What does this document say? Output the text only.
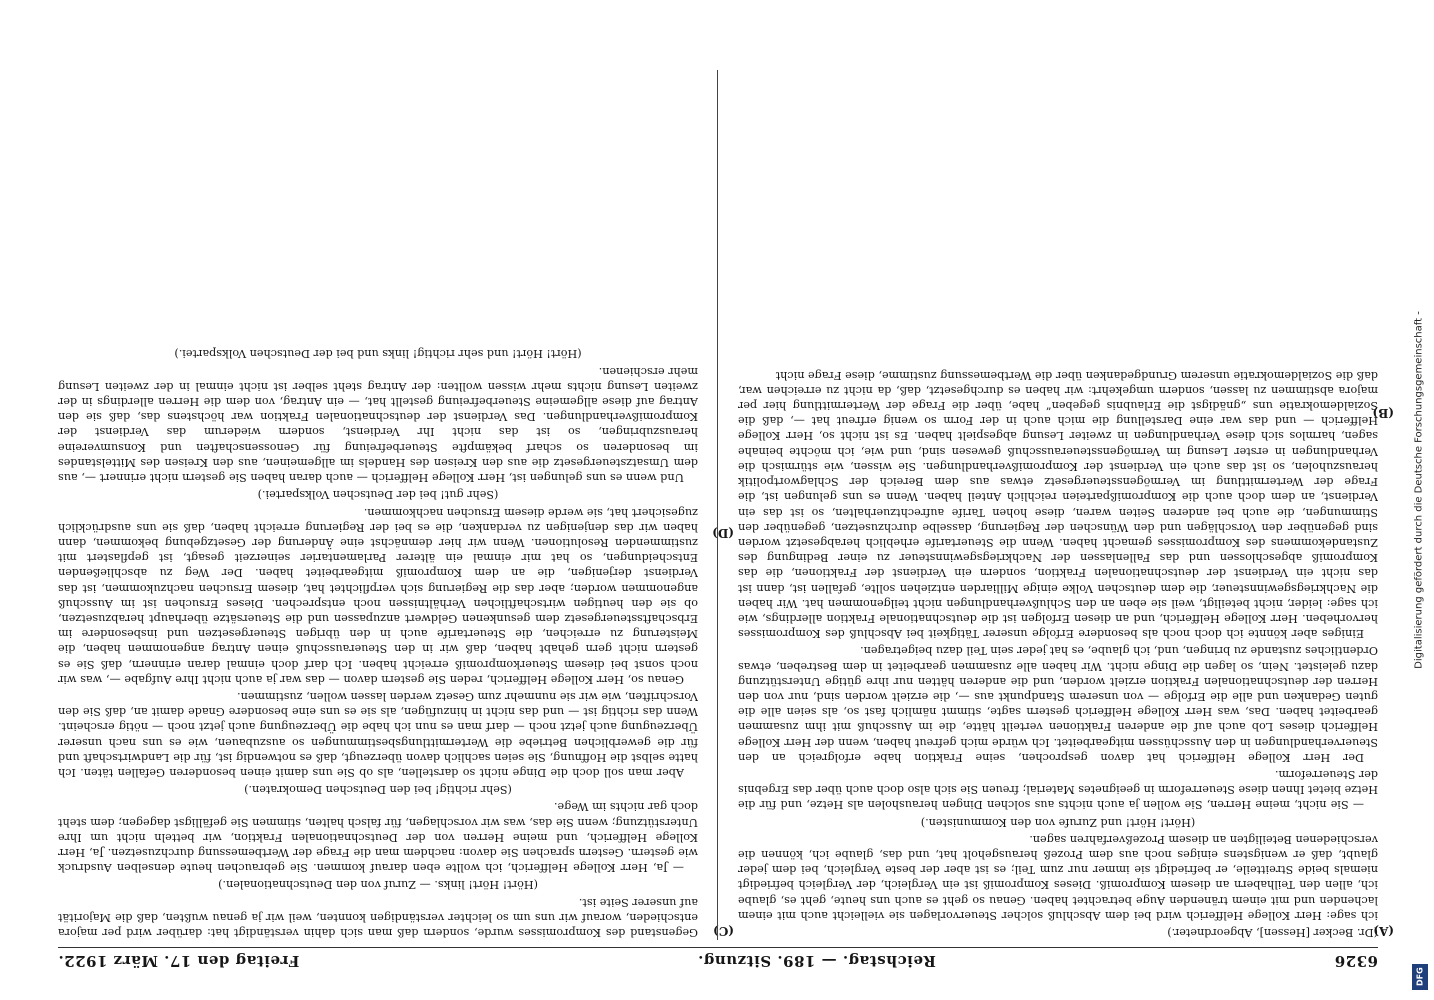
6326
Reichstag. — 189. Sitzung.
Freitag den 17. März 1922.
(A)
(B)
(C)
(D)

(Dr. Becker [Hessen], Abgeordneter.)

ich sage: Herr Kollege Helfferich wird bei dem Abschluß solcher Steuervorlagen sie vielleicht auch mit einem lachenden und mit einem tränenden Auge betrachtet haben. Genau so geht es auch uns heute, geht es, glaube ich, allen den Teilhabern an diesem Kompromiß. Dieses Kompromiß ist ein Vergleich, der Vergleich befriedigt niemals beide Streitteile, er befriedigt sie immer nur zum Teil; es ist aber der beste Vergleich, bei dem jeder glaubt, daß er wenigstens einiges noch aus dem Prozeß herausgeholt hat, und das, glaube ich, können die verschiedenen Beteiligten an diesem Prozeßverfahren sagen.

(Hört! Hört! und Zurufe von den Kommunisten.)

— Sie nicht, meine Herren, Sie wollen ja auch nichts aus solchen Dingen herausholen als Hetze, und für die Hetze bietet Ihnen diese Steuerreform in geeignetes Material; freuen Sie sich also doch auch über das Ergebnis der Steuerreform.

Der Herr Kollege Helfferich hat davon gesprochen, seine Fraktion habe erfolgreich an den Steuerverhandlungen in den Ausschüssen mitgearbeitet. Ich würde mich gefreut haben, wenn der Herr Kollege Helfferich dieses Lob auch auf die anderen Fraktionen verteilt hätte, die im Ausschuß mit ihm zusammen gearbeitet haben. Das, was Herr Kollege Helfferich gestern sagte, stimmt nämlich fast so, als seien alle die guten Gedanken und alle die Erfolge — von unserem Standpunkt aus —, die erzielt worden sind, nur von den Herren der deutschnationalen Fraktion erzielt worden, und die anderen hätten nur ihre gütige Unterstützung dazu geleistet. Nein, so lagen die Dinge nicht. Wir haben alle zusammen gearbeitet in dem Bestreben, etwas Ordentliches zustande zu bringen, und, ich glaube, es hat jeder sein Teil dazu beigetragen.

Einiges aber könnte ich doch noch als besondere Erfolge unserer Tätigkeit bei Abschluß des Kompromisses hervorheben. Herr Kollege Helfferich, und an diesen Erfolgen ist die deutschnationale Fraktion allerdings, wie ich sage: leider, nicht beteiligt, weil sie eben an den Schlußverhandlungen nicht teilgenommen hat. Wir haben die Nachkriegsgewinnsteuer, die dem deutschen Volke einige Milliarden entziehen sollte, gefallen ist, dann ist das nicht ein Verdienst der deutschnationalen Fraktion, sondern ein Verdienst der Fraktionen, die das Kompromiß abgeschlossen und das Fallenlassen der Nachkriegsgewinnsteuer zu einer Bedingung des Zustandekommens des Kompromisses gemacht haben. Wenn die Steuertarife erheblich herabgesetzt worden sind gegenüber den Vorschlägen und den Wünschen der Regierung, dasselbe durchzusetzen, gegenüber den Stimmungen, die auch bei anderen Seiten waren, diese hohen Tarife aufrechtzuerhalten, so ist das ein Verdienst, an dem doch auch die Kompromißparteien reichlich Anteil haben. Wenn es uns gelungen ist, die Frage der Wertermittlung im Vermögenssteuergesetz etwas aus dem Bereich der Schlagwortpolitik herauszuholen, so ist das auch ein Verdienst der Kompromißverhandlungen. Sie wissen, wie stürmisch die Verhandlungen in erster Lesung im Vermögenssteuerausschuß gewesen sind, und wie, ich möchte beinahe sagen, harmlos sich diese Verhandlungen in zweiter Lesung abgespielt haben. Es ist nicht so, Herr Kollege Helfferich — und das war eine Darstellung die mich auch in der Form so wenig erfreut hat —, daß die Sozialdemokratie uns „gnädigst die Erlaubnis gegeben“ habe, über die Frage der Wertermittlung hier per majora abstimmen zu lassen, sondern umgekehrt: wir haben es durchgesetzt, daß, da nicht zu erreichen war, daß die Sozialdemokratie unserem Grundgedanken über die Wertbemessung zustimme, diese Frage nicht

Gegenstand des Kompromisses wurde, sondern daß man sich dahin verständigt hat: darüber wird per majora entschieden, worauf wir uns um so leichter verständigen konnten, weil wir ja genau wußten, daß die Majorität auf unserer Seite ist.

(Hört! Hört! links. — Zuruf von den Deutschnationalen.)

— Ja, Herr Kollege Helfferich, ich wollte eben darauf kommen. Sie gebrauchen heute denselben Ausdruck wie gestern. Gestern sprachen Sie davon: nachdem man die Frage der Wertbemessung durchzusetzen. Ja, Herr Kollege Helfferich, und meine Herren von der Deutschnationalen Fraktion, wir betteln nicht um Ihre Unterstützung; wenn Sie das, was wir vorschlagen, für falsch halten, stimmen Sie gefälligst dagegen; dem steht doch gar nichts im Wege.

(Sehr richtig! bei den Deutschen Demokraten.)

Aber man soll doch die Dinge nicht so darstellen, als ob Sie uns damit einen besonderen Gefallen täten. Ich hatte selbst die Hoffnung, Sie seien sachlich davon überzeugt, daß es notwendig ist, für die Landwirtschaft und für die gewerblichen Betriebe die Wertermittlungsbestimmungen so auszubauen, wie es uns nach unserer Überzeugung auch jetzt noch — darf man es nun ich habe die Überzeugung auch jetzt noch — nötig erscheint. Wenn das richtig ist — und das nicht in hinzufügen, als sie es uns eine besondere Gnade damit an, daß Sie den Vorschriften, wie wir sie nunmehr zum Gesetz werden lassen wollen, zustimmen.

Genau so, Herr Kollege Helfferich, reden Sie gestern davon — das war ja auch nicht Ihre Aufgabe —, was wir noch sonst bei diesem Steuerkompromiß erreicht haben. Ich darf doch einmal daran erinnern, daß Sie es gestern nicht gern gehabt haben, daß wir in den Steuerausschuß einen Antrag angenommen haben, die Meisterung zu erreichen, die Steuertarife auch in den übrigen Steuergesetzen und insbesondere im Erbschaftssteuergesetz dem gesunkenen Geldwert anzupassen und die Steuersätze überhaupt herabzusetzen, ob sie den heutigen wirtschaftlichen Verhältnissen noch entsprechen. Dieses Ersuchen ist im Ausschuß angenommen worden; aber das die Regierung sich verpflichtet hat, diesem Ersuchen nachzukommen, ist das Verdienst derjenigen, die an dem Kompromiß mitgearbeitet haben. Der Weg zu abschließenden Entscheidungen, so hat mir einmal ein älterer Parlamentarier seinerzeit gesagt, ist gepflastert mit zustimmenden Resolutionen. Wenn wir hier demnächst eine Änderung der Gesetzgebung bekommen, dann haben wir das denjenigen zu verdanken, die es bei der Regierung erreicht haben, daß sie uns ausdrücklich zugesichert hat, sie werde diesem Ersuchen nachkommen.

(Sehr gut! bei der Deutschen Volkspartei.)

Und wenn es uns gelungen ist, Herr Kollege Helfferich — auch daran haben Sie gestern nicht erinnert —, aus dem Umsatzsteuergesetz die aus den Kreisen des Handels im allgemeinen, aus den Kreisen des Mittelstandes im besonderen so scharf bekämpfte Steuerbefreiung für Genossenschaften und Konsumvereine herauszubringen, so ist das nicht Ihr Verdienst, sondern wiederum das Verdienst der Kompromißverhandlungen. Das Verdienst der deutschnationalen Fraktion war höchstens das, daß sie den Antrag auf diese allgemeine Steuerbefreiung gestellt hat, — ein Antrag, von dem die Herren allerdings in der zweiten Lesung nichts mehr wissen wollten: der Antrag steht selber ist nicht einmal in der zweiten Lesung mehr erschienen.

(Hört! Hört! und sehr richtig! links und bei der Deutschen Volkspartei.)	Digitalisierung gefördert durch die Deutsche Forschungsgemeinschaft -
DFG
